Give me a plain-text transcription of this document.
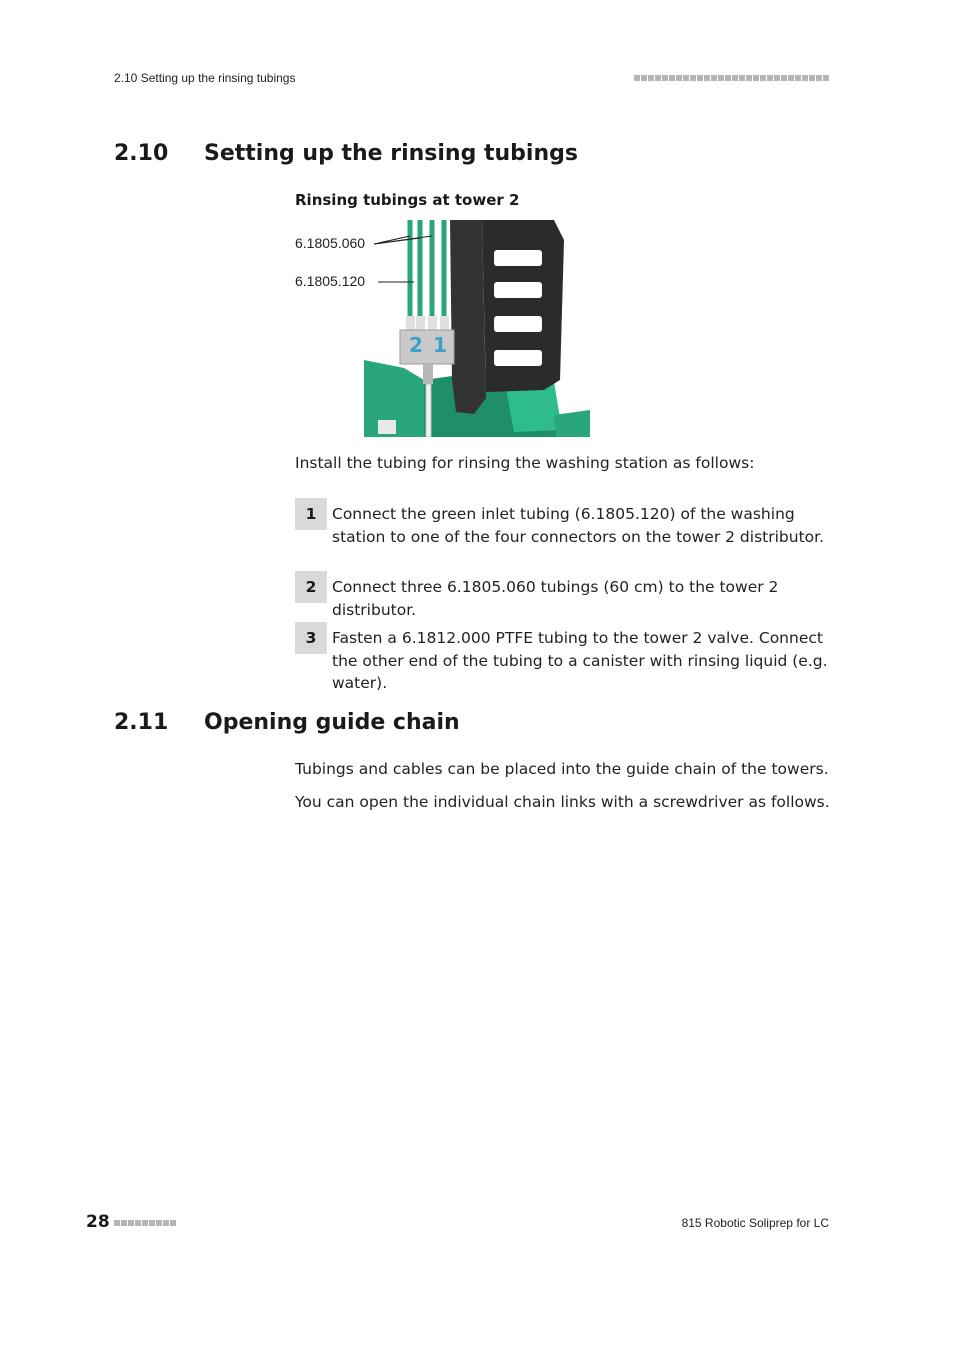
2.10 Setting up the rinsing tubings
2.10 Setting up the rinsing tubings
Rinsing tubings at tower 2
6.1805.060
6.1805.120
2 1
Install the tubing for rinsing the washing station as follows:
1	Connect the green inlet tubing (6.1805.120) of the washing station to one of the four connectors on the tower 2 distributor.
2	Connect three 6.1805.060 tubings (60 cm) to the tower 2 distributor.
3	Fasten a 6.1812.000 PTFE tubing to the tower 2 valve. Connect the other end of the tubing to a canister with rinsing liquid (e.g. water).
2.11 Opening guide chain
Tubings and cables can be placed into the guide chain of the towers.
You can open the individual chain links with a screwdriver as follows.
28	815 Robotic Soliprep for LC
